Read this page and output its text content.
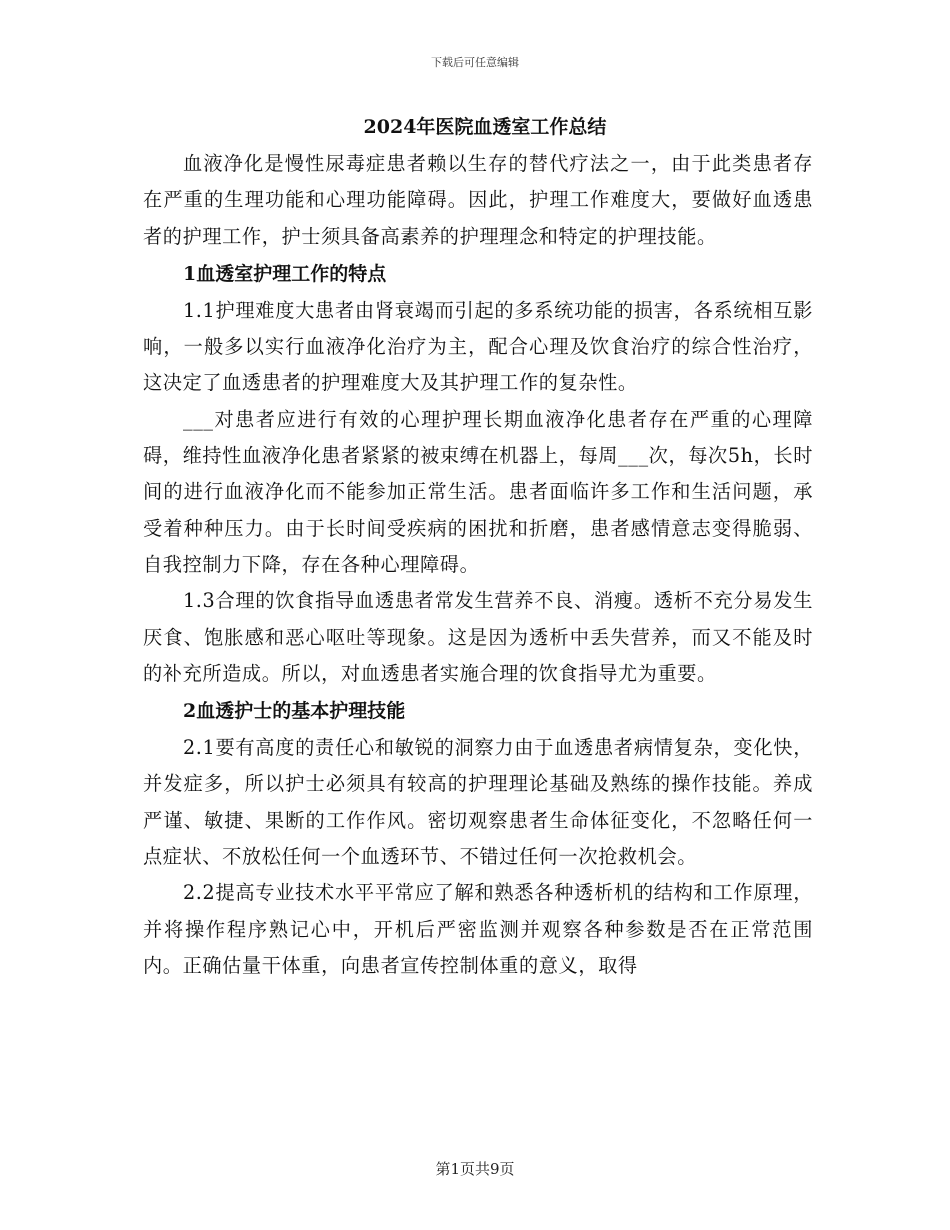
下载后可任意编辑
2024年医院血透室工作总结

血液净化是慢性尿毒症患者赖以生存的替代疗法之一，由于此类患者存在严重的生理功能和心理功能障碍。因此，护理工作难度大，要做好血透患者的护理工作，护士须具备高素养的护理理念和特定的护理技能。

1血透室护理工作的特点

1.1护理难度大患者由肾衰竭而引起的多系统功能的损害，各系统相互影响，一般多以实行血液净化治疗为主，配合心理及饮食治疗的综合性治疗，这决定了血透患者的护理难度大及其护理工作的复杂性。

___对患者应进行有效的心理护理长期血液净化患者存在严重的心理障碍，维持性血液净化患者紧紧的被束缚在机器上，每周___次，每次5h，长时间的进行血液净化而不能参加正常生活。患者面临许多工作和生活问题，承受着种种压力。由于长时间受疾病的困扰和折磨，患者感情意志变得脆弱、自我控制力下降，存在各种心理障碍。

1.3合理的饮食指导血透患者常发生营养不良、消瘦。透析不充分易发生厌食、饱胀感和恶心呕吐等现象。这是因为透析中丢失营养，而又不能及时的补充所造成。所以，对血透患者实施合理的饮食指导尤为重要。

2血透护士的基本护理技能

2.1要有高度的责任心和敏锐的洞察力由于血透患者病情复杂，变化快，并发症多，所以护士必须具有较高的护理理论基础及熟练的操作技能。养成严谨、敏捷、果断的工作作风。密切观察患者生命体征变化，不忽略任何一点症状、不放松任何一个血透环节、不错过任何一次抢救机会。

2.2提高专业技术水平平常应了解和熟悉各种透析机的结构和工作原理，并将操作程序熟记心中，开机后严密监测并观察各种参数是否在正常范围内。正确估量干体重，向患者宣传控制体重的意义，取得

第1页共9页
